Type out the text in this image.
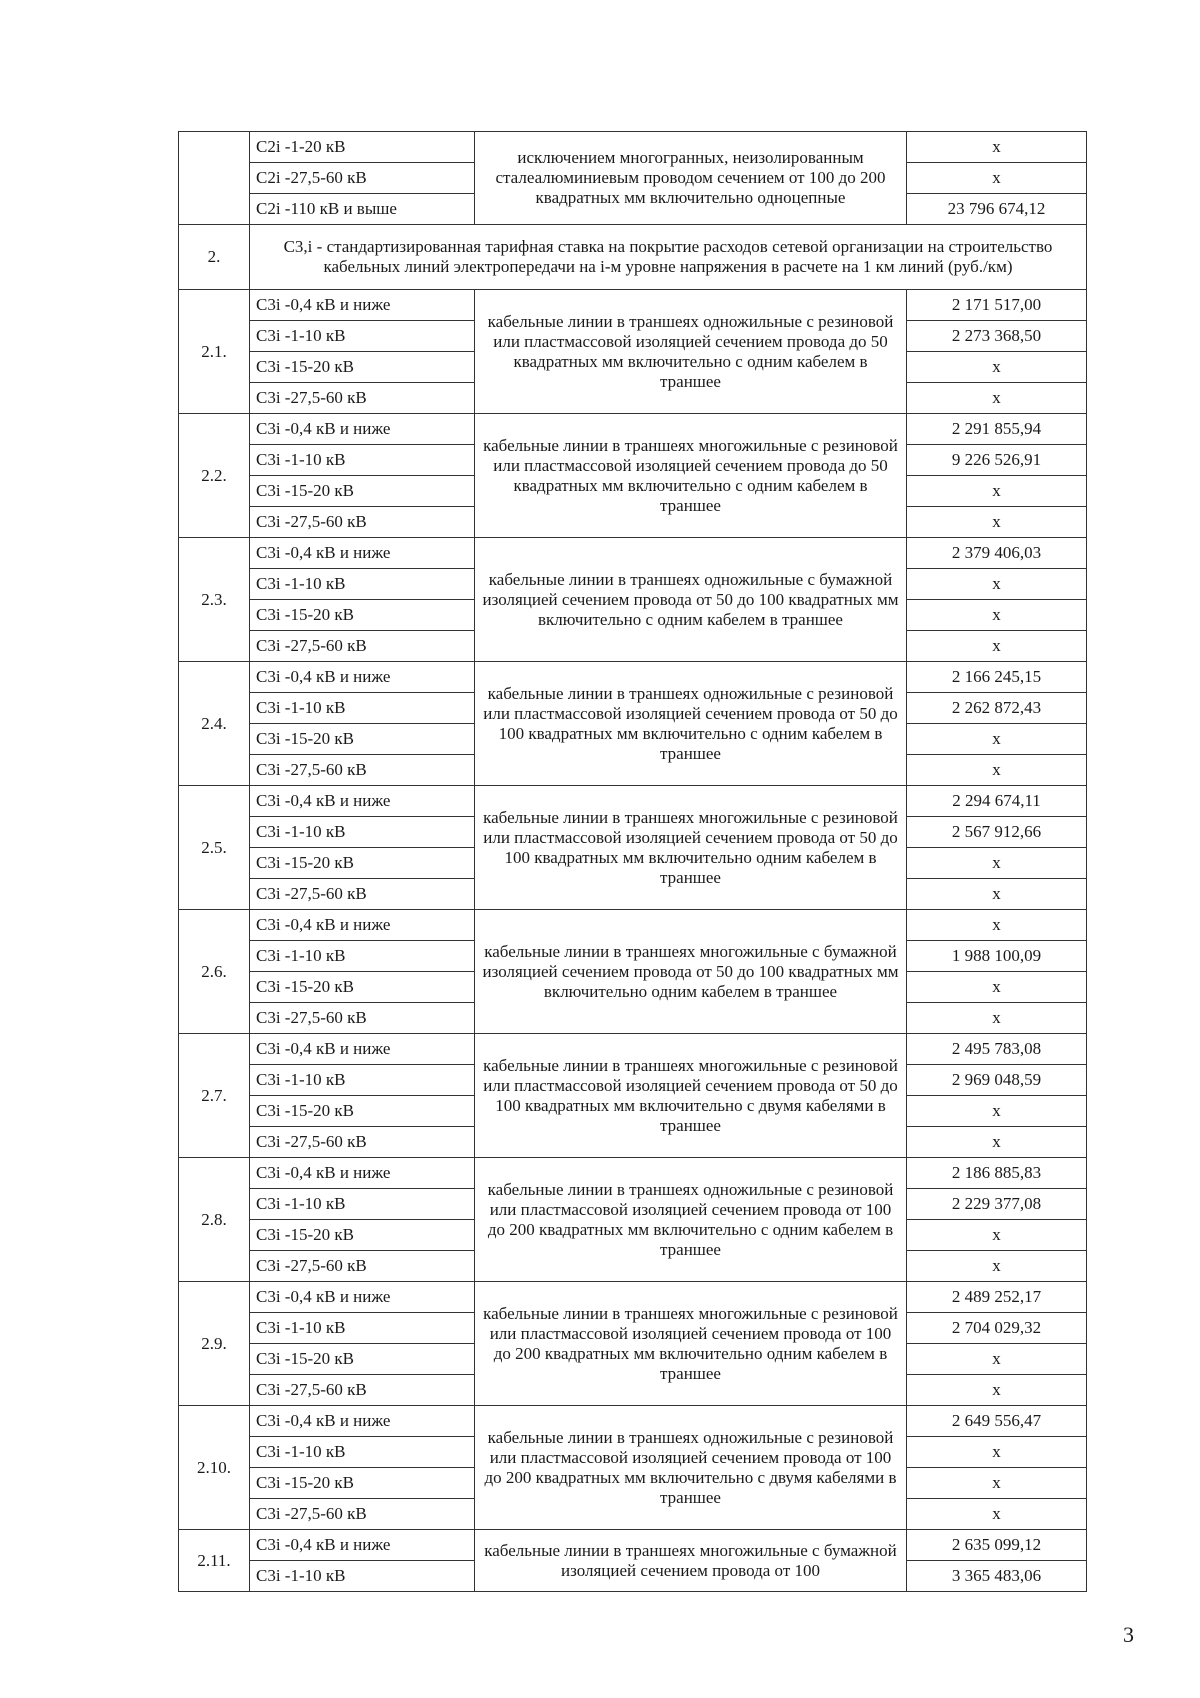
	С2i -1-20 кВ	исключением многогранных, неизолированным сталеалюминиевым проводом сечением от 100 до 200 квадратных мм включительно одноцепные	х
	С2i -27,5-60 кВ		х
	С2i -110 кВ и выше		23 796 674,12
2.	С3,i - стандартизированная тарифная ставка на покрытие расходов сетевой организации на строительство кабельных линий электропередачи на i-м уровне напряжения в расчете на 1 км линий (руб./км)		
2.1.	С3i -0,4 кВ и ниже	кабельные линии в траншеях одножильные с резиновой или пластмассовой изоляцией сечением провода до 50 квадратных мм включительно с одним кабелем в траншее	2 171 517,00
	С3i -1-10 кВ		2 273 368,50
	С3i -15-20 кВ		х
	С3i -27,5-60 кВ		х
2.2.	С3i -0,4 кВ и ниже	кабельные линии в траншеях многожильные с резиновой или пластмассовой изоляцией сечением провода до 50 квадратных мм включительно с одним кабелем в траншее	2 291 855,94
	С3i -1-10 кВ		9 226 526,91
	С3i -15-20 кВ		х
	С3i -27,5-60 кВ		х
2.3.	С3i -0,4 кВ и ниже	кабельные линии в траншеях одножильные с бумажной изоляцией сечением провода от 50 до 100 квадратных мм включительно с одним кабелем в траншее	2 379 406,03
	С3i -1-10 кВ		х
	С3i -15-20 кВ		х
	С3i -27,5-60 кВ		х
2.4.	С3i -0,4 кВ и ниже	кабельные линии в траншеях одножильные с резиновой или пластмассовой изоляцией сечением провода от 50 до 100 квадратных мм включительно с одним кабелем в траншее	2 166 245,15
	С3i -1-10 кВ		2 262 872,43
	С3i -15-20 кВ		х
	С3i -27,5-60 кВ		х
2.5.	С3i -0,4 кВ и ниже	кабельные линии в траншеях многожильные с резиновой или пластмассовой изоляцией сечением провода от 50 до 100 квадратных мм включительно одним кабелем в траншее	2 294 674,11
	С3i -1-10 кВ		2 567 912,66
	С3i -15-20 кВ		х
	С3i -27,5-60 кВ		х
2.6.	С3i -0,4 кВ и ниже	кабельные линии в траншеях многожильные с бумажной изоляцией сечением провода от 50 до 100 квадратных мм включительно одним кабелем в траншее	х
	С3i -1-10 кВ		1 988 100,09
	С3i -15-20 кВ		х
	С3i -27,5-60 кВ		х
2.7.	С3i -0,4 кВ и ниже	кабельные линии в траншеях многожильные с резиновой или пластмассовой изоляцией сечением провода от 50 до 100 квадратных мм включительно с двумя кабелями в траншее	2 495 783,08
	С3i -1-10 кВ		2 969 048,59
	С3i -15-20 кВ		х
	С3i -27,5-60 кВ		х
2.8.	С3i -0,4 кВ и ниже	кабельные линии в траншеях одножильные с резиновой или пластмассовой изоляцией сечением провода от 100 до 200 квадратных мм включительно с одним кабелем в траншее	2 186 885,83
	С3i -1-10 кВ		2 229 377,08
	С3i -15-20 кВ		х
	С3i -27,5-60 кВ		х
2.9.	С3i -0,4 кВ и ниже	кабельные линии в траншеях многожильные с резиновой или пластмассовой изоляцией сечением провода от 100 до 200 квадратных мм включительно одним кабелем в траншее	2 489 252,17
	С3i -1-10 кВ		2 704 029,32
	С3i -15-20 кВ		х
	С3i -27,5-60 кВ		х
2.10.	С3i -0,4 кВ и ниже	кабельные линии в траншеях одножильные с резиновой или пластмассовой изоляцией сечением провода от 100 до 200 квадратных мм включительно с двумя кабелями в траншее	2 649 556,47
	С3i -1-10 кВ		х
	С3i -15-20 кВ		х
	С3i -27,5-60 кВ		х
2.11.	С3i -0,4 кВ и ниже	кабельные линии в траншеях многожильные с бумажной изоляцией сечением провода от 100	2 635 099,12
	С3i -1-10 кВ		3 365 483,06
3
